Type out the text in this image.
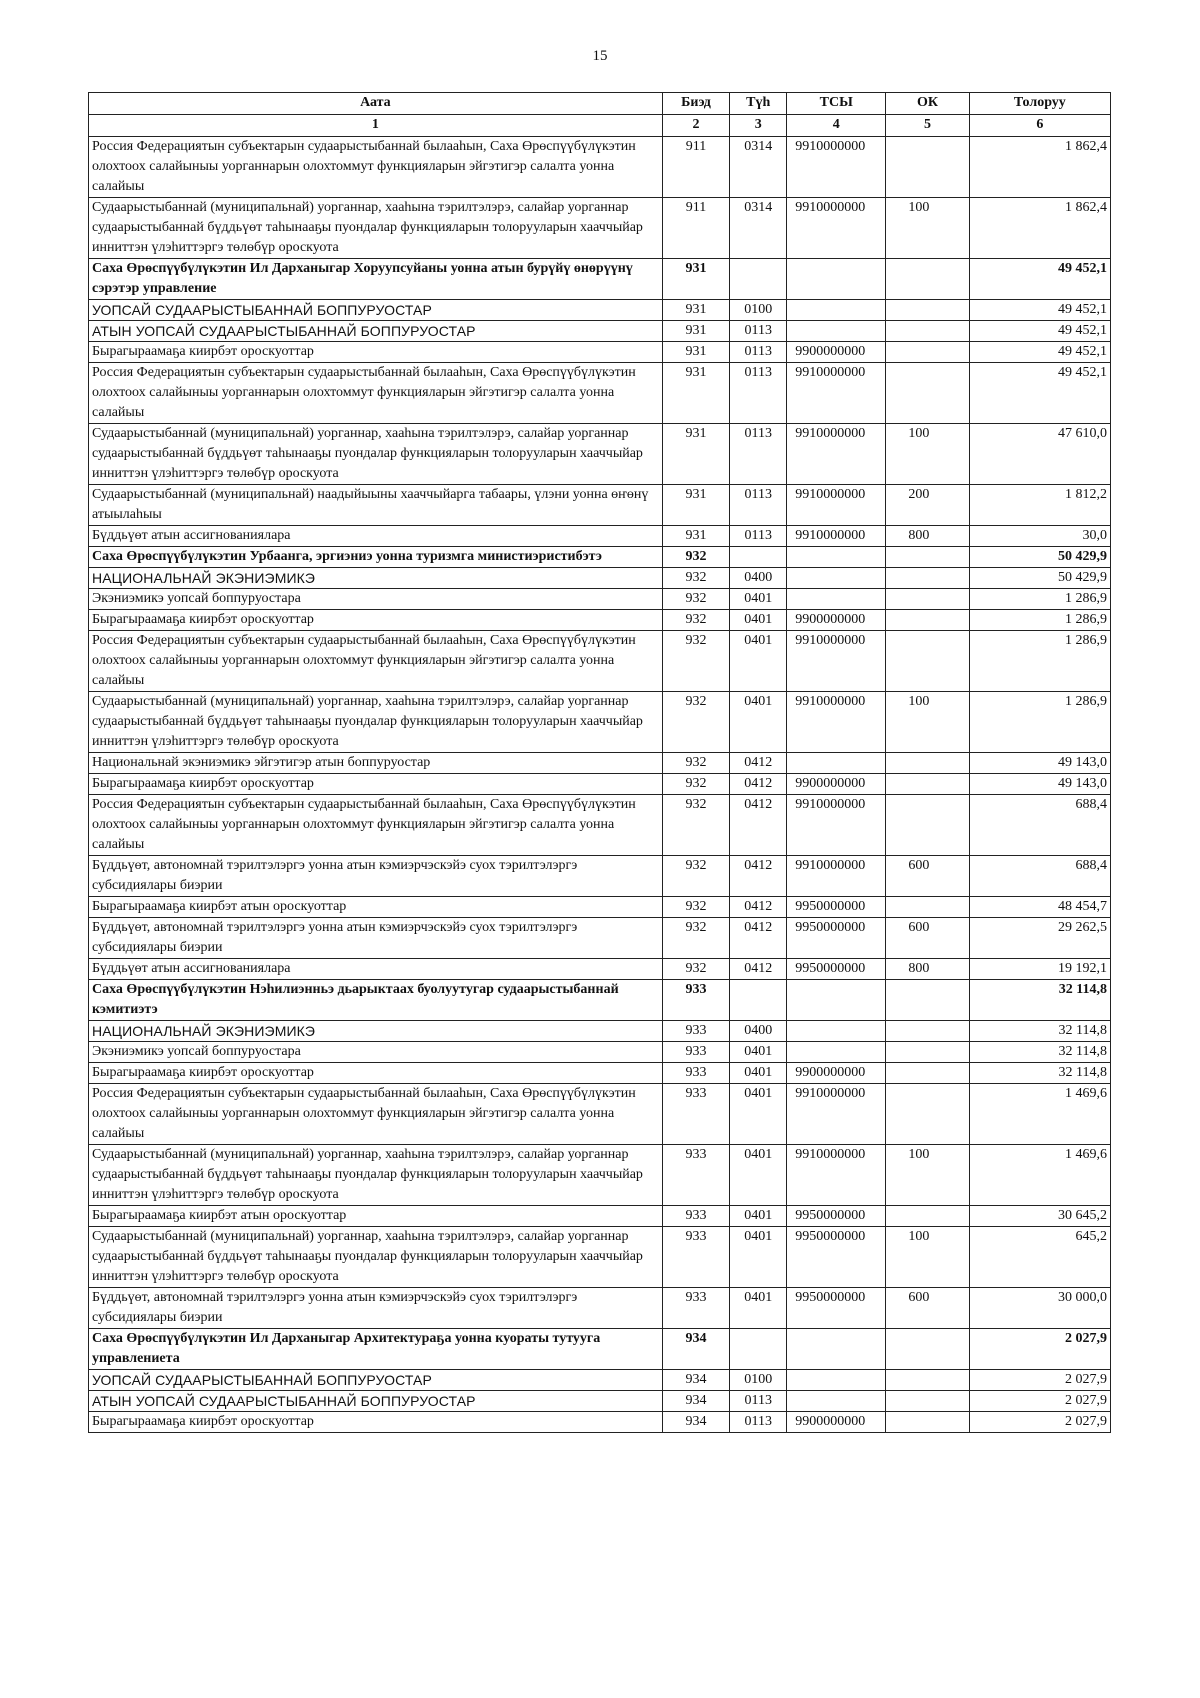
15
Аата	Биэд	Түһ	ТСЫ	ОК	Толоруу
1	2	3	4	5	6
Россия Федерациятын субъектарын судаарыстыбаннай былааһын, Саха Өрөспүүбүлүкэтин олохтоох салайыныы уорганнарын олохтоммут функцияларын эйгэтигэр салалта уонна салайыы	911	0314	9910000000		1 862,4
Судаарыстыбаннай (муниципальнай) уорганнар, хааһына тэрилтэлэрэ, салайар уорганнар судаарыстыбаннай бүддьүөт таһынааҕы пуондалар функцияларын толорууларын хааччыйар инниттэн үлэһиттэргэ төлөбүр ороскуота	911	0314	9910000000	100	1 862,4
Саха Өрөспүүбүлүкэтин Ил Дарханыгар Хоруупсуйаны уонна атын бурүйү өнөрүүнү сэрэтэр управление	931				49 452,1
УОПСАЙ СУДААРЫСТЫБАННАЙ БОППУРУОСТАР	931	0100			49 452,1
АТЫН УОПСАЙ СУДААРЫСТЫБАННАЙ БОППУРУОСТАР	931	0113			49 452,1
Бырагыраамаҕа киирбэт ороскуоттар	931	0113	9900000000		49 452,1
Россия Федерациятын субъектарын судаарыстыбаннай былааһын, Саха Өрөспүүбүлүкэтин олохтоох салайыныы уорганнарын олохтоммут функцияларын эйгэтигэр салалта уонна салайыы	931	0113	9910000000		49 452,1
Судаарыстыбаннай (муниципальнай) уорганнар, хааһына тэрилтэлэрэ, салайар уорганнар судаарыстыбаннай бүддьүөт таһынааҕы пуондалар функцияларын толорууларын хааччыйар инниттэн үлэһиттэргэ төлөбүр ороскуота	931	0113	9910000000	100	47 610,0
Судаарыстыбаннай (муниципальнай) наадыйыыны хааччыйарга табаары, үлэни уонна өҥөнү атыылаһыы	931	0113	9910000000	200	1 812,2
Бүддьүөт атын ассигнованиялара	931	0113	9910000000	800	30,0
Саха Өрөспүүбүлүкэтин Урбаанга, эргиэниэ уонна туризмга министиэристибэтэ	932				50 429,9
НАЦИОНАЛЬНАЙ ЭКЭНИЭМИКЭ	932	0400			50 429,9
Экэниэмикэ уопсай боппуруостара	932	0401			1 286,9
Бырагыраамаҕа киирбэт ороскуоттар	932	0401	9900000000		1 286,9
Россия Федерациятын субъектарын судаарыстыбаннай былааһын, Саха Өрөспүүбүлүкэтин олохтоох салайыныы уорганнарын олохтоммут функцияларын эйгэтигэр салалта уонна салайыы	932	0401	9910000000		1 286,9
Судаарыстыбаннай (муниципальнай) уорганнар, хааһына тэрилтэлэрэ, салайар уорганнар судаарыстыбаннай бүддьүөт таһынааҕы пуондалар функцияларын толорууларын хааччыйар инниттэн үлэһиттэргэ төлөбүр ороскуота	932	0401	9910000000	100	1 286,9
Национальнай экэниэмикэ эйгэтигэр атын боппуруостар	932	0412			49 143,0
Бырагыраамаҕа киирбэт ороскуоттар	932	0412	9900000000		49 143,0
Россия Федерациятын субъектарын судаарыстыбаннай былааһын, Саха Өрөспүүбүлүкэтин олохтоох салайыныы уорганнарын олохтоммут функцияларын эйгэтигэр салалта уонна салайыы	932	0412	9910000000		688,4
Бүддьүөт, автономнай тэрилтэлэргэ уонна атын кэмиэрчэскэйэ суох тэрилтэлэргэ субсидиялары биэрии	932	0412	9910000000	600	688,4
Бырагыраамаҕа киирбэт атын ороскуоттар	932	0412	9950000000		48 454,7
Бүддьүөт, автономнай тэрилтэлэргэ уонна атын кэмиэрчэскэйэ суох тэрилтэлэргэ субсидиялары биэрии	932	0412	9950000000	600	29 262,5
Бүддьүөт атын ассигнованиялара	932	0412	9950000000	800	19 192,1
Саха Өрөспүүбүлүкэтин Нэһилиэнньэ дьарыктаах буолуутугар судаарыстыбаннай кэмитиэтэ	933				32 114,8
НАЦИОНАЛЬНАЙ ЭКЭНИЭМИКЭ	933	0400			32 114,8
Экэниэмикэ уопсай боппуруостара	933	0401			32 114,8
Бырагыраамаҕа киирбэт ороскуоттар	933	0401	9900000000		32 114,8
Россия Федерациятын субъектарын судаарыстыбаннай былааһын, Саха Өрөспүүбүлүкэтин олохтоох салайыныы уорганнарын олохтоммут функцияларын эйгэтигэр салалта уонна салайыы	933	0401	9910000000		1 469,6
Судаарыстыбаннай (муниципальнай) уорганнар, хааһына тэрилтэлэрэ, салайар уорганнар судаарыстыбаннай бүддьүөт таһынааҕы пуондалар функцияларын толорууларын хааччыйар инниттэн үлэһиттэргэ төлөбүр ороскуота	933	0401	9910000000	100	1 469,6
Бырагыраамаҕа киирбэт атын ороскуоттар	933	0401	9950000000		30 645,2
Судаарыстыбаннай (муниципальнай) уорганнар, хааһына тэрилтэлэрэ, салайар уорганнар судаарыстыбаннай бүддьүөт таһынааҕы пуондалар функцияларын толорууларын хааччыйар инниттэн үлэһиттэргэ төлөбүр ороскуота	933	0401	9950000000	100	645,2
Бүддьүөт, автономнай тэрилтэлэргэ уонна атын кэмиэрчэскэйэ суох тэрилтэлэргэ субсидиялары биэрии	933	0401	9950000000	600	30 000,0
Саха Өрөспүүбүлүкэтин Ил Дарханыгар Архитектураҕа уонна куораты тутууга управлениета	934				2 027,9
УОПСАЙ СУДААРЫСТЫБАННАЙ БОППУРУОСТАР	934	0100			2 027,9
АТЫН УОПСАЙ СУДААРЫСТЫБАННАЙ БОППУРУОСТАР	934	0113			2 027,9
Бырагыраамаҕа киирбэт ороскуоттар	934	0113	9900000000		2 027,9
